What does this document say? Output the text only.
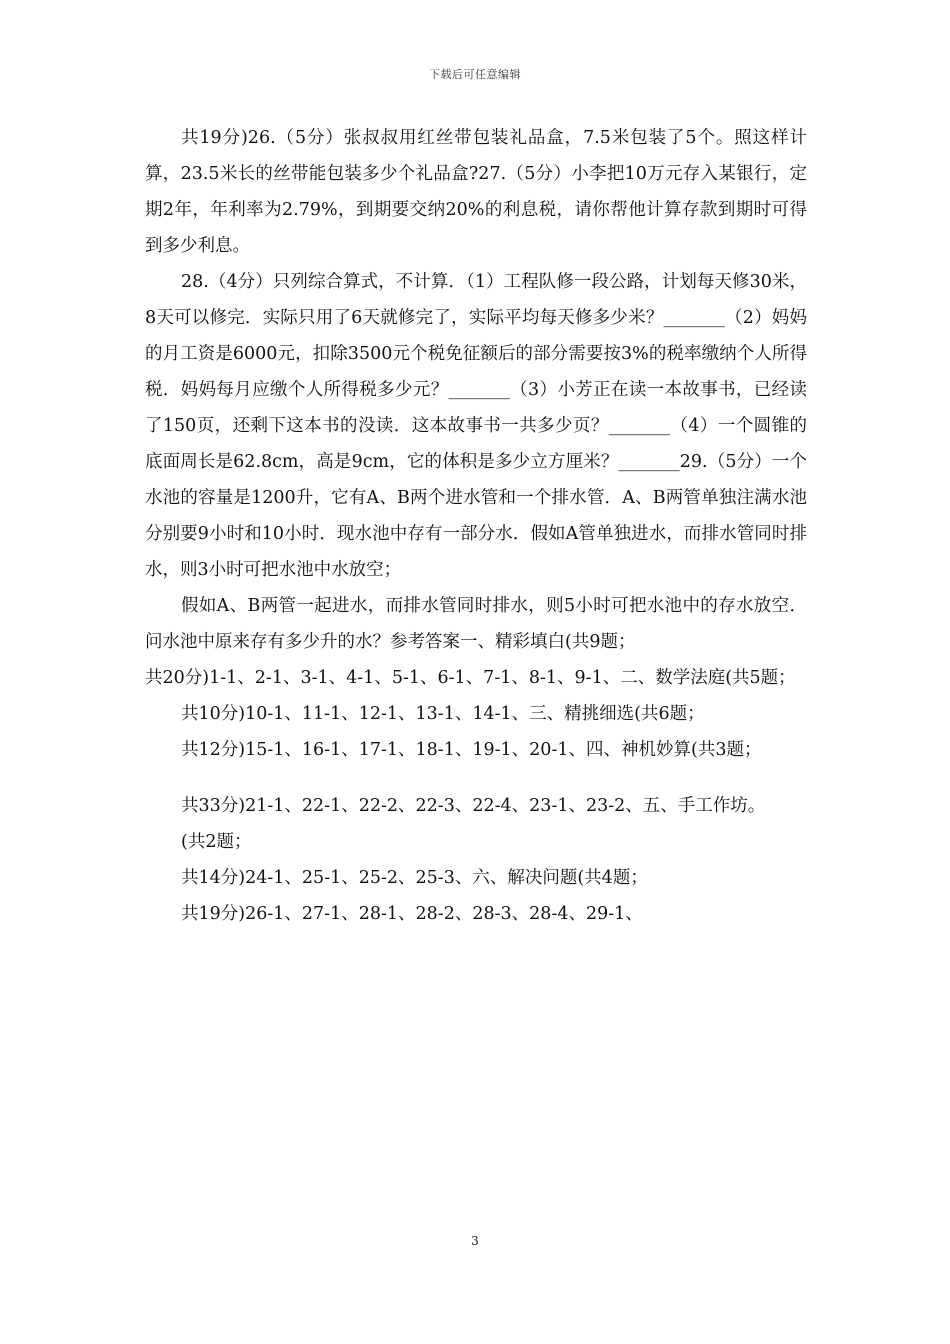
下载后可任意编辑

共19分)26.（5分）张叔叔用红丝带包装礼品盒，7.5米包装了5个。照这样计算，23.5米长的丝带能包装多少个礼品盒?27.（5分）小李把10万元存入某银行，定期2年，年利率为2.79%，到期要交纳20%的利息税，请你帮他计算存款到期时可得到多少利息。

28.（4分）只列综合算式，不计算．（1）工程队修一段公路，计划每天修30米，8天可以修完．实际只用了6天就修完了，实际平均每天修多少米？_______（2）妈妈的月工资是6000元，扣除3500元个税免征额后的部分需要按3%的税率缴纳个人所得税．妈妈每月应缴个人所得税多少元？_______（3）小芳正在读一本故事书，已经读了150页，还剩下这本书的没读．这本故事书一共多少页？_______（4）一个圆锥的底面周长是62.8cm，高是9cm，它的体积是多少立方厘米？_______29.（5分）一个水池的容量是1200升，它有A、B两个进水管和一个排水管．A、B两管单独注满水池分别要9小时和10小时．现水池中存有一部分水．假如A管单独进水，而排水管同时排水，则3小时可把水池中水放空；

假如A、B两管一起进水，而排水管同时排水，则5小时可把水池中的存水放空．问水池中原来存有多少升的水？参考答案一、精彩填白(共9题；

共20分)1-1、2-1、3-1、4-1、5-1、6-1、7-1、8-1、9-1、二、数学法庭(共5题；

共10分)10-1、11-1、12-1、13-1、14-1、三、精挑细选(共6题；

共12分)15-1、16-1、17-1、18-1、19-1、20-1、四、神机妙算(共3题；

共33分)21-1、22-1、22-2、22-3、22-4、23-1、23-2、五、手工作坊。

(共2题；

共14分)24-1、25-1、25-2、25-3、六、解决问题(共4题；

共19分)26-1、27-1、28-1、28-2、28-3、28-4、29-1、

3
